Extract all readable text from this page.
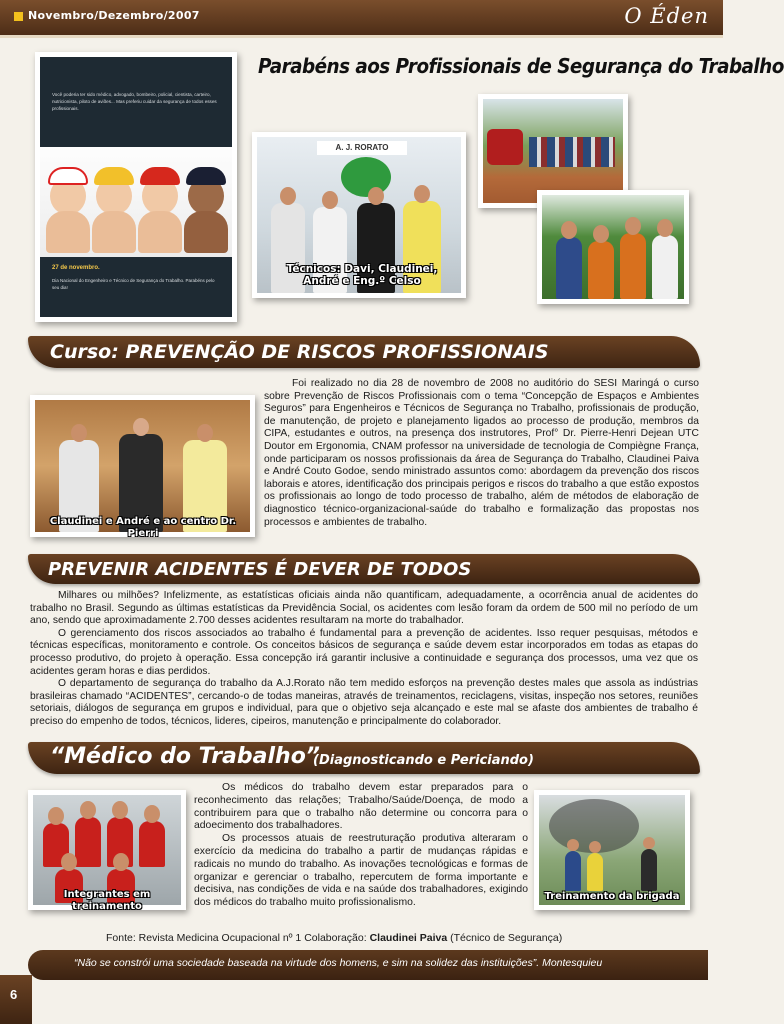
Novembro/Dezembro/2007	O Éden
Parabéns aos Profissionais de Segurança do Trabalho
Você poderia ter sido médico, advogado, bombeiro, policial, cientista, carteiro, nutricionista, piloto de aviões... Mas preferiu cuidar da segurança de todos esses profissionais.
27 de novembro.
Dia Nacional do Engenheiro e Técnico de Segurança do Trabalho. Parabéns pelo seu dia!
A. J. RORATO
Técnicos: Davi, Claudinei,
André e Eng.º Celso
Curso: PREVENÇÃO DE RISCOS PROFISSIONAIS
Claudinei e André e ao centro Dr. Pierri

Foi realizado no dia 28 de novembro de 2008 no auditório do SESI Maringá o curso sobre Prevenção de Riscos Profissionais com o tema “Concepção de Espaços e Ambientes Seguros” para Engenheiros e Técnicos de Segurança no Trabalho, profissionais de produção, de manutenção, de projeto e planejamento ligados ao processo de produção, membros da CIPA, estudantes e outros, na presença dos instrutores, Prof° Dr. Pierre-Henri Dejean UTC Doutor em Ergonomia, CNAM professor na universidade de tecnologia de Compiègne França, onde participaram os nossos profissionais da área de Segurança do Trabalho, Claudinei Paiva e André Couto Godoe, sendo ministrado assuntos como: abordagem da prevenção dos riscos laborais e atores, identificação dos principais perigos e riscos do trabalho a que estão expostos os profissionais ao longo de todo processo de trabalho, além de métodos de elaboração de diagnostico técnico-organizacional-saúde do trabalho e formalização das propostas nos processos e ambientes de trabalho.

PREVENIR ACIDENTES É DEVER DE TODOS

Milhares ou milhões? Infelizmente, as estatísticas oficiais ainda não quantificam, adequadamente, a ocorrência anual de acidentes do trabalho no Brasil. Segundo as últimas estatísticas da Previdência Social, os acidentes com lesão foram da ordem de 500 mil no período de um ano, sendo que aproximadamente 2.700 desses acidentes resultaram na morte do trabalhador.

O gerenciamento dos riscos associados ao trabalho é fundamental para a prevenção de acidentes. Isso requer pesquisas, métodos e técnicas específicas, monitoramento e controle. Os conceitos básicos de segurança e saúde devem estar incorporados em todas as etapas do processo produtivo, do projeto à operação. Essa concepção irá garantir inclusive a continuidade e segurança dos processos, uma vez que os acidentes geram horas e dias perdidos.

O departamento de segurança do trabalho da A.J.Rorato não tem medido esforços na prevenção destes males que assola as indústrias brasileiras chamado “ACIDENTES”, cercando-o de todas maneiras, através de treinamentos, reciclagens, visitas, inspeção nos setores, reuniões setoriais, diálogos de segurança em grupos e individual, para que o objetivo seja alcançado e este mal se afaste dos ambientes de trabalho é preciso do empenho de todos, técnicos, lideres, cipeiros, manutenção e principalmente do colaborador.

“Médico do Trabalho”
(Diagnosticando e Periciando)
Integrantes em treinamento

Os médicos do trabalho devem estar preparados para o reconhecimento das relações; Trabalho/Saúde/Doença, de modo a contribuirem para que o trabalho não determine ou concorra para o adoecimento dos trabalhadores.

Os processos atuais de reestruturação produtiva alteraram o exercício da medicina do trabalho a partir de mudanças rápidas e radicais no mundo do trabalho. As inovações tecnológicas e formas de organizar e gerenciar o trabalho, repercutem de forma importante e decisiva, nas condições de vida e na saúde dos trabalhadores, exigindo dos médicos do trabalho muito profissionalismo.

Treinamento da brigada
Fonte: Revista Medicina Ocupacional nº 1 Colaboração: Claudinei Paiva (Técnico de Segurança)
“Não se constrói uma sociedade baseada na virtude dos homens, e sim na solidez das instituições”. Montesquieu
6
